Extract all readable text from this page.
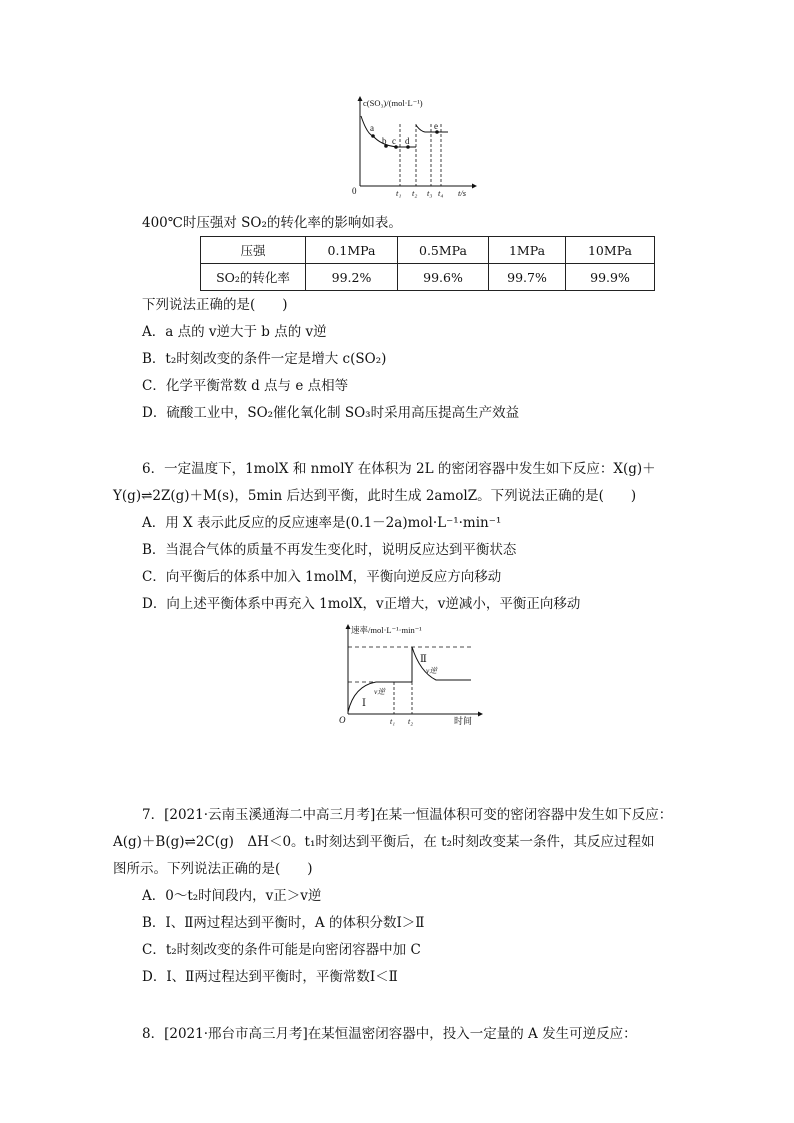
c(SO₃)/(mol·L⁻¹)
0	t/s
a
b c d
e
t₁ t₂ t₃ t₄
400℃时压强对 SO₂的转化率的影响如表。
压强	0.1MPa	0.5MPa	1MPa	10MPa
SO₂的转化率	99.2%	99.6%	99.7%	99.9%
下列说法正确的是(　　)
A．a 点的 v逆大于 b 点的 v逆
B．t₂时刻改变的条件一定是增大 c(SO₂)
C．化学平衡常数 d 点与 e 点相等
D．硫酸工业中，SO₂催化氧化制 SO₃时采用高压提高生产效益
6．一定温度下，1molX 和 nmolY 在体积为 2L 的密闭容器中发生如下反应：X(g)＋
Y(g)⇌2Z(g)＋M(s)，5min 后达到平衡，此时生成 2amolZ。下列说法正确的是(　　)
A．用 X 表示此反应的反应速率是(0.1－2a)mol·L⁻¹·min⁻¹
B．当混合气体的质量不再发生变化时，说明反应达到平衡状态
C．向平衡后的体系中加入 1molM，平衡向逆反应方向移动
D．向上述平衡体系中再充入 1molX，v正增大，v逆减小，平衡正向移动
速率/mol·L⁻¹·min⁻¹
O	时间
Ⅰ
Ⅱ
v逆
v逆
t₁ t₂
7．[2021·云南玉溪通海二中高三月考]在某一恒温体积可变的密闭容器中发生如下反应：
A(g)＋B(g)⇌2C(g)　ΔH＜0。t₁时刻达到平衡后，在 t₂时刻改变某一条件，其反应过程如
图所示。下列说法正确的是(　　)
A．0～t₂时间段内，v正＞v逆
B．Ⅰ、Ⅱ两过程达到平衡时，A 的体积分数Ⅰ＞Ⅱ
C．t₂时刻改变的条件可能是向密闭容器中加 C
D．Ⅰ、Ⅱ两过程达到平衡时，平衡常数Ⅰ＜Ⅱ
8．[2021·邢台市高三月考]在某恒温密闭容器中，投入一定量的 A 发生可逆反应：
